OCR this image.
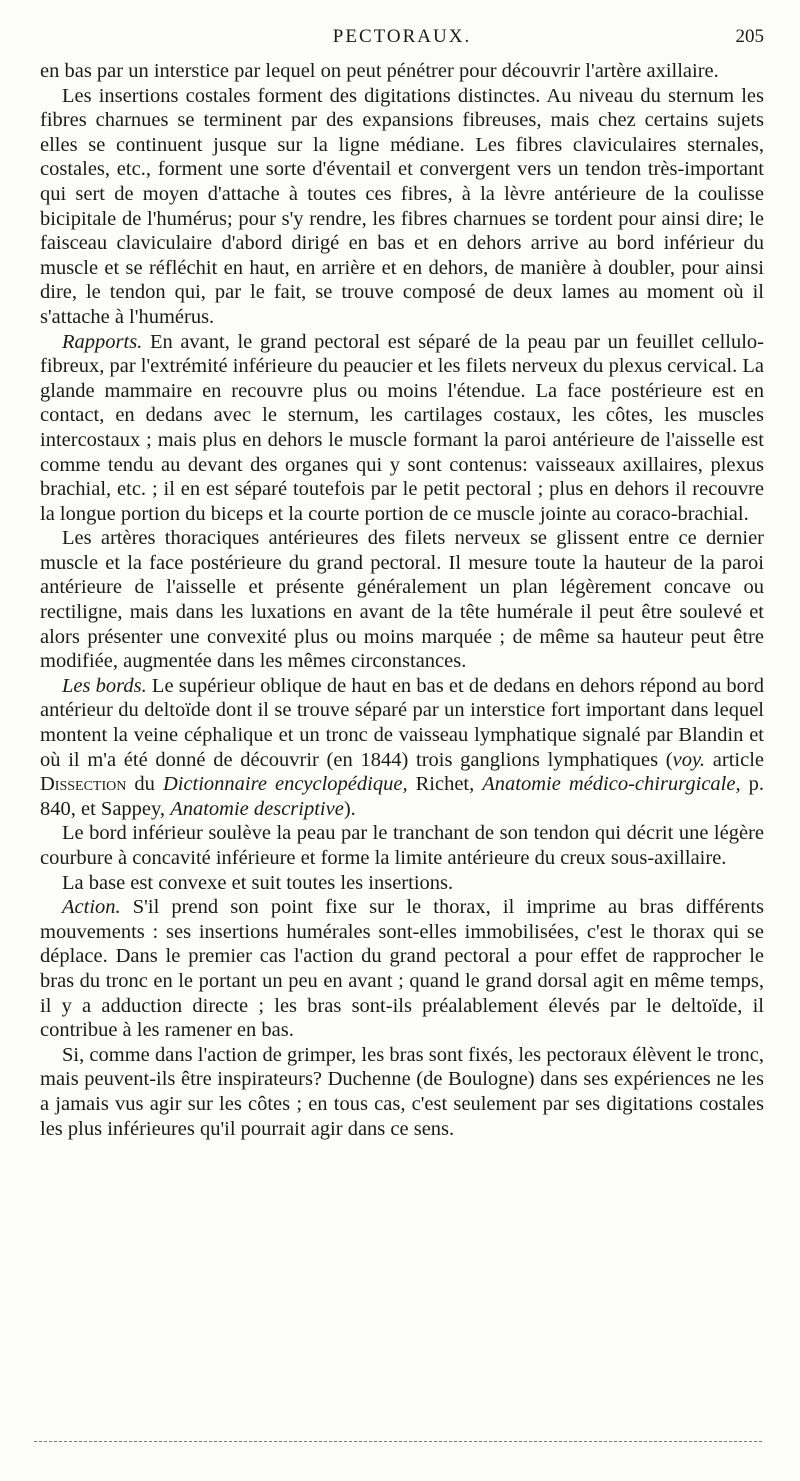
PECTORAUX.	205

en bas par un interstice par lequel on peut pénétrer pour découvrir l'artère axillaire.

Les insertions costales forment des digitations distinctes. Au niveau du sternum les fibres charnues se terminent par des expansions fibreuses, mais chez certains sujets elles se continuent jusque sur la ligne médiane. Les fibres claviculaires sternales, costales, etc., forment une sorte d'éventail et convergent vers un tendon très-important qui sert de moyen d'attache à toutes ces fibres, à la lèvre antérieure de la coulisse bicipitale de l'humérus; pour s'y rendre, les fibres charnues se tordent pour ainsi dire; le faisceau claviculaire d'abord dirigé en bas et en dehors arrive au bord inférieur du muscle et se réfléchit en haut, en arrière et en dehors, de manière à doubler, pour ainsi dire, le tendon qui, par le fait, se trouve composé de deux lames au moment où il s'attache à l'humérus.

Rapports. En avant, le grand pectoral est séparé de la peau par un feuillet cellulo-fibreux, par l'extrémité inférieure du peaucier et les filets nerveux du plexus cervical. La glande mammaire en recouvre plus ou moins l'étendue. La face postérieure est en contact, en dedans avec le sternum, les cartilages costaux, les côtes, les muscles intercostaux ; mais plus en dehors le muscle formant la paroi antérieure de l'aisselle est comme tendu au devant des organes qui y sont contenus: vaisseaux axillaires, plexus brachial, etc. ; il en est séparé toutefois par le petit pectoral ; plus en dehors il recouvre la longue portion du biceps et la courte portion de ce muscle jointe au coraco-brachial.

Les artères thoraciques antérieures des filets nerveux se glissent entre ce dernier muscle et la face postérieure du grand pectoral. Il mesure toute la hauteur de la paroi antérieure de l'aisselle et présente généralement un plan légèrement concave ou rectiligne, mais dans les luxations en avant de la tête humérale il peut être soulevé et alors présenter une convexité plus ou moins marquée ; de même sa hauteur peut être modifiée, augmentée dans les mêmes circonstances.

Les bords. Le supérieur oblique de haut en bas et de dedans en dehors répond au bord antérieur du deltoïde dont il se trouve séparé par un interstice fort important dans lequel montent la veine céphalique et un tronc de vaisseau lymphatique signalé par Blandin et où il m'a été donné de découvrir (en 1844) trois ganglions lymphatiques (voy. article Dissection du Dictionnaire encyclopédique, Richet, Anatomie médico-chirurgicale, p. 840, et Sappey, Anatomie descriptive).

Le bord inférieur soulève la peau par le tranchant de son tendon qui décrit une légère courbure à concavité inférieure et forme la limite antérieure du creux sous-axillaire.

La base est convexe et suit toutes les insertions.

Action. S'il prend son point fixe sur le thorax, il imprime au bras différents mouvements : ses insertions humérales sont-elles immobilisées, c'est le thorax qui se déplace. Dans le premier cas l'action du grand pectoral a pour effet de rapprocher le bras du tronc en le portant un peu en avant ; quand le grand dorsal agit en même temps, il y a adduction directe ; les bras sont-ils préalablement élevés par le deltoïde, il contribue à les ramener en bas.

Si, comme dans l'action de grimper, les bras sont fixés, les pectoraux élèvent le tronc, mais peuvent-ils être inspirateurs? Duchenne (de Boulogne) dans ses expériences ne les a jamais vus agir sur les côtes ; en tous cas, c'est seulement par ses digitations costales les plus inférieures qu'il pourrait agir dans ce sens.
